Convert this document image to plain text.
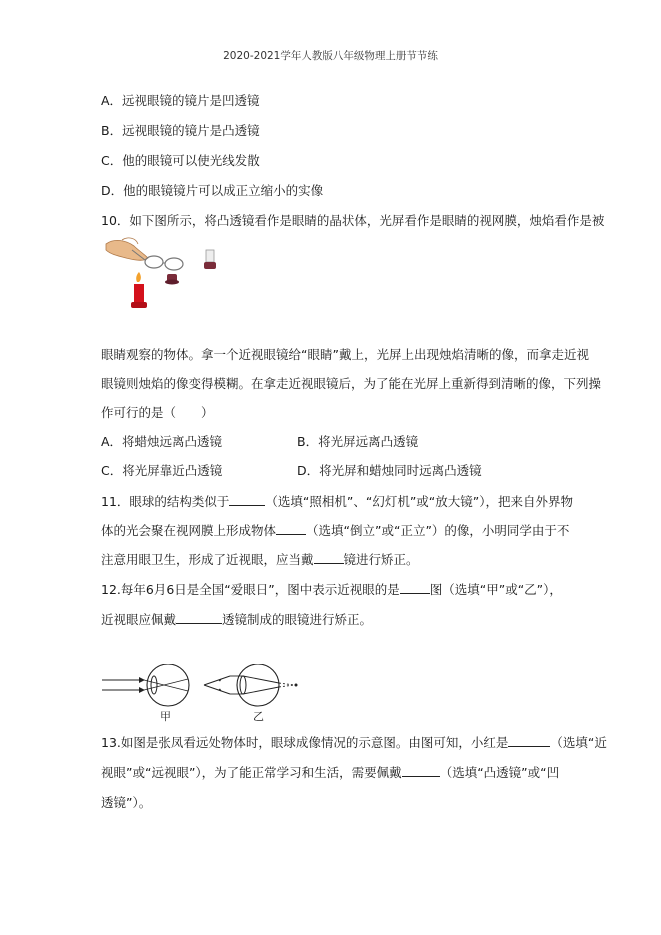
2020-2021学年人教版八年级物理上册节节练
A．远视眼镜的镜片是凹透镜
B．远视眼镜的镜片是凸透镜
C．他的眼镜可以使光线发散
D．他的眼镜镜片可以成正立缩小的实像
10．如下图所示，将凸透镜看作是眼睛的晶状体，光屏看作是眼睛的视网膜，烛焰看作是被
眼睛观察的物体。拿一个近视眼镜给“眼睛”戴上，光屏上出现烛焰清晰的像，而拿走近视
眼镜则烛焰的像变得模糊。在拿走近视眼镜后，为了能在光屏上重新得到清晰的像，下列操
作可行的是（　　）
A．将蜡烛远离凸透镜	B．将光屏远离凸透镜
C．将光屏靠近凸透镜	D．将光屏和蜡烛同时远离凸透镜
11．眼球的结构类似于	（选填“照相机”、“幻灯机”或“放大镜”），把来自外界物
体的光会聚在视网膜上形成物体 （选填“倒立”或“正立”）的像，小明同学由于不
注意用眼卫生，形成了近视眼，应当戴 镜进行矫正。
12.每年6月6日是全国“爱眼日”，图中表示近视眼的是 图（选填“甲”或“乙”），
近视眼应佩戴	透镜制成的眼镜进行矫正。
甲	乙
13.如图是张凤看远处物体时，眼球成像情况的示意图。由图可知，小红是	（选填“近
视眼”或“远视眼”），为了能正常学习和生活，需要佩戴	（选填“凸透镜”或“凹
透镜”）。
